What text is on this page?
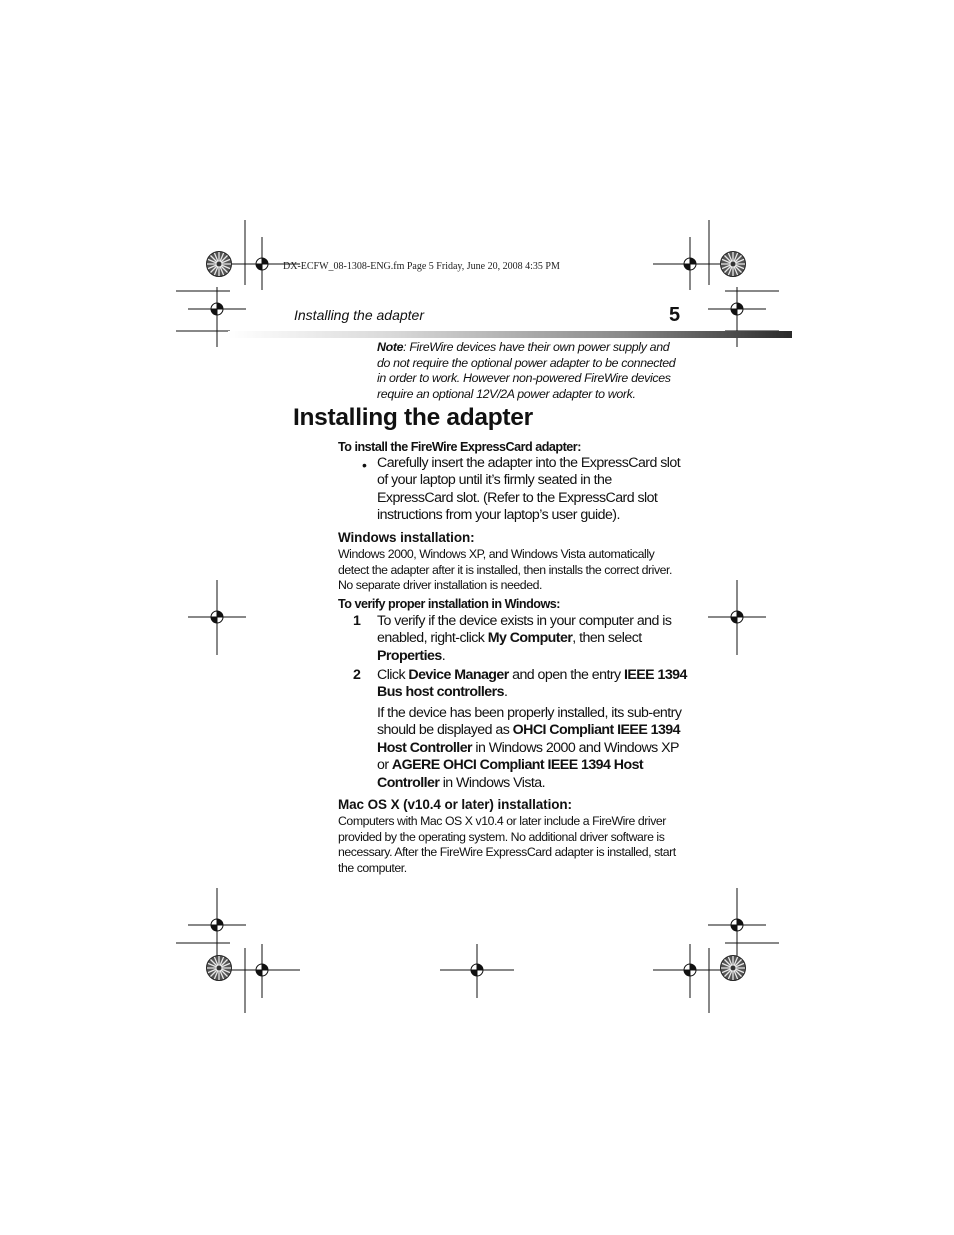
DX-ECFW_08-1308-ENG.fm Page 5 Friday, June 20, 2008 4:35 PM
Installing the adapter	5
Note: FireWire devices have their own power supply and do not require the optional power adapter to be connected in order to work. However non-powered FireWire devices require an optional 12V/2A power adapter to work.
Installing the adapter
To install the FireWire ExpressCard adapter:
• Carefully insert the adapter into the ExpressCard slot of your laptop until it’s firmly seated in the ExpressCard slot. (Refer to the ExpressCard slot instructions from your laptop’s user guide).
Windows installation:
Windows 2000, Windows XP, and Windows Vista automatically detect the adapter after it is installed, then installs the correct driver. No separate driver installation is needed.
To verify proper installation in Windows:
1 To verify if the device exists in your computer and is enabled, right-click My Computer, then select Properties.
2 Click Device Manager and open the entry IEEE 1394 Bus host controllers.
If the device has been properly installed, its sub-entry should be displayed as OHCI Compliant IEEE 1394 Host Controller in Windows 2000 and Windows XP or AGERE OHCI Compliant IEEE 1394 Host Controller in Windows Vista.
Mac OS X (v10.4 or later) installation:
Computers with Mac OS X v10.4 or later include a FireWire driver provided by the operating system. No additional driver software is necessary. After the FireWire ExpressCard adapter is installed, start the computer.
